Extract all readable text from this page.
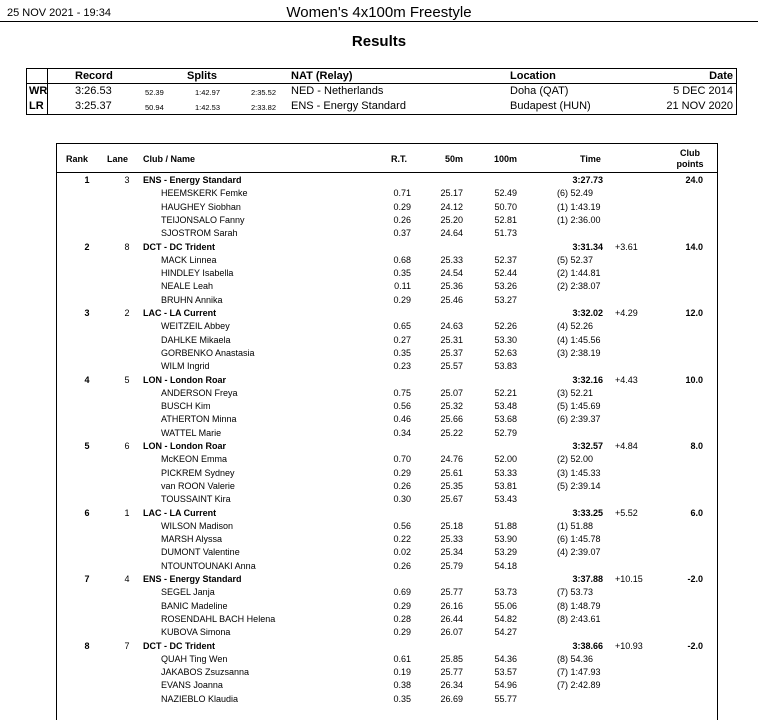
25 NOV 2021 - 19:34	Women's 4x100m Freestyle
Results
Record	Splits	NAT (Relay)	Location	Date
WR	3:26.53	52.39	1:42.97	2:35.52 NED - Netherlands	Doha (QAT)	5 DEC 2014
LR	3:25.37	50.94	1:42.53	2:33.82 ENS - Energy Standard	Budapest (HUN)	21 NOV 2020
Rank Lane Club / Name	R.T.	50m	100m	Time
Club
points
1	3	ENS - Energy Standard	3:27.73	24.0
HEEMSKERK Femke	0.71	25.17	52.49	(6) 52.49
HAUGHEY Siobhan	0.29	24.12	50.70	(1) 1:43.19
TEIJONSALO Fanny	0.26	25.20	52.81	(1) 2:36.00
SJOSTROM Sarah	0.37	24.64	51.73
2	8	DCT - DC Trident	3:31.34 +3.61	14.0
MACK Linnea	0.68	25.33	52.37	(5) 52.37
HINDLEY Isabella	0.35	24.54	52.44	(2) 1:44.81
NEALE Leah	0.11	25.36	53.26	(2) 2:38.07
BRUHN Annika	0.29	25.46	53.27
3	2	LAC - LA Current	3:32.02 +4.29	12.0
WEITZEIL Abbey	0.65	24.63	52.26	(4) 52.26
DAHLKE Mikaela	0.27	25.31	53.30	(4) 1:45.56
GORBENKO Anastasia	0.35	25.37	52.63	(3) 2:38.19
WILM Ingrid	0.23	25.57	53.83
4	5	LON - London Roar	3:32.16 +4.43	10.0
ANDERSON Freya	0.75	25.07	52.21	(3) 52.21
BUSCH Kim	0.56	25.32	53.48	(5) 1:45.69
ATHERTON Minna	0.46	25.66	53.68	(6) 2:39.37
WATTEL Marie	0.34	25.22	52.79
5	6	LON - London Roar	3:32.57 +4.84	8.0
McKEON Emma	0.70	24.76	52.00	(2) 52.00
PICKREM Sydney	0.29	25.61	53.33	(3) 1:45.33
van ROON Valerie	0.26	25.35	53.81	(5) 2:39.14
TOUSSAINT Kira	0.30	25.67	53.43
6	1	LAC - LA Current	3:33.25 +5.52	6.0
WILSON Madison	0.56	25.18	51.88	(1) 51.88
MARSH Alyssa	0.22	25.33	53.90	(6) 1:45.78
DUMONT Valentine	0.02	25.34	53.29	(4) 2:39.07
NTOUNTOUNAKI Anna	0.26	25.79	54.18
7	4	ENS - Energy Standard	3:37.88 +10.15	-2.0
SEGEL Janja	0.69	25.77	53.73	(7) 53.73
BANIC Madeline	0.29	26.16	55.06	(8) 1:48.79
ROSENDAHL BACH Helena	0.28	26.44	54.82	(8) 2:43.61
KUBOVA Simona	0.29	26.07	54.27
8	7	DCT - DC Trident	3:38.66 +10.93	-2.0
QUAH Ting Wen	0.61	25.85	54.36	(8) 54.36
JAKABOS Zsuzsanna	0.19	25.77	53.57	(7) 1:47.93
EVANS Joanna	0.38	26.34	54.96	(7) 2:42.89
NAZIEBLO Klaudia	0.35	26.69	55.77
